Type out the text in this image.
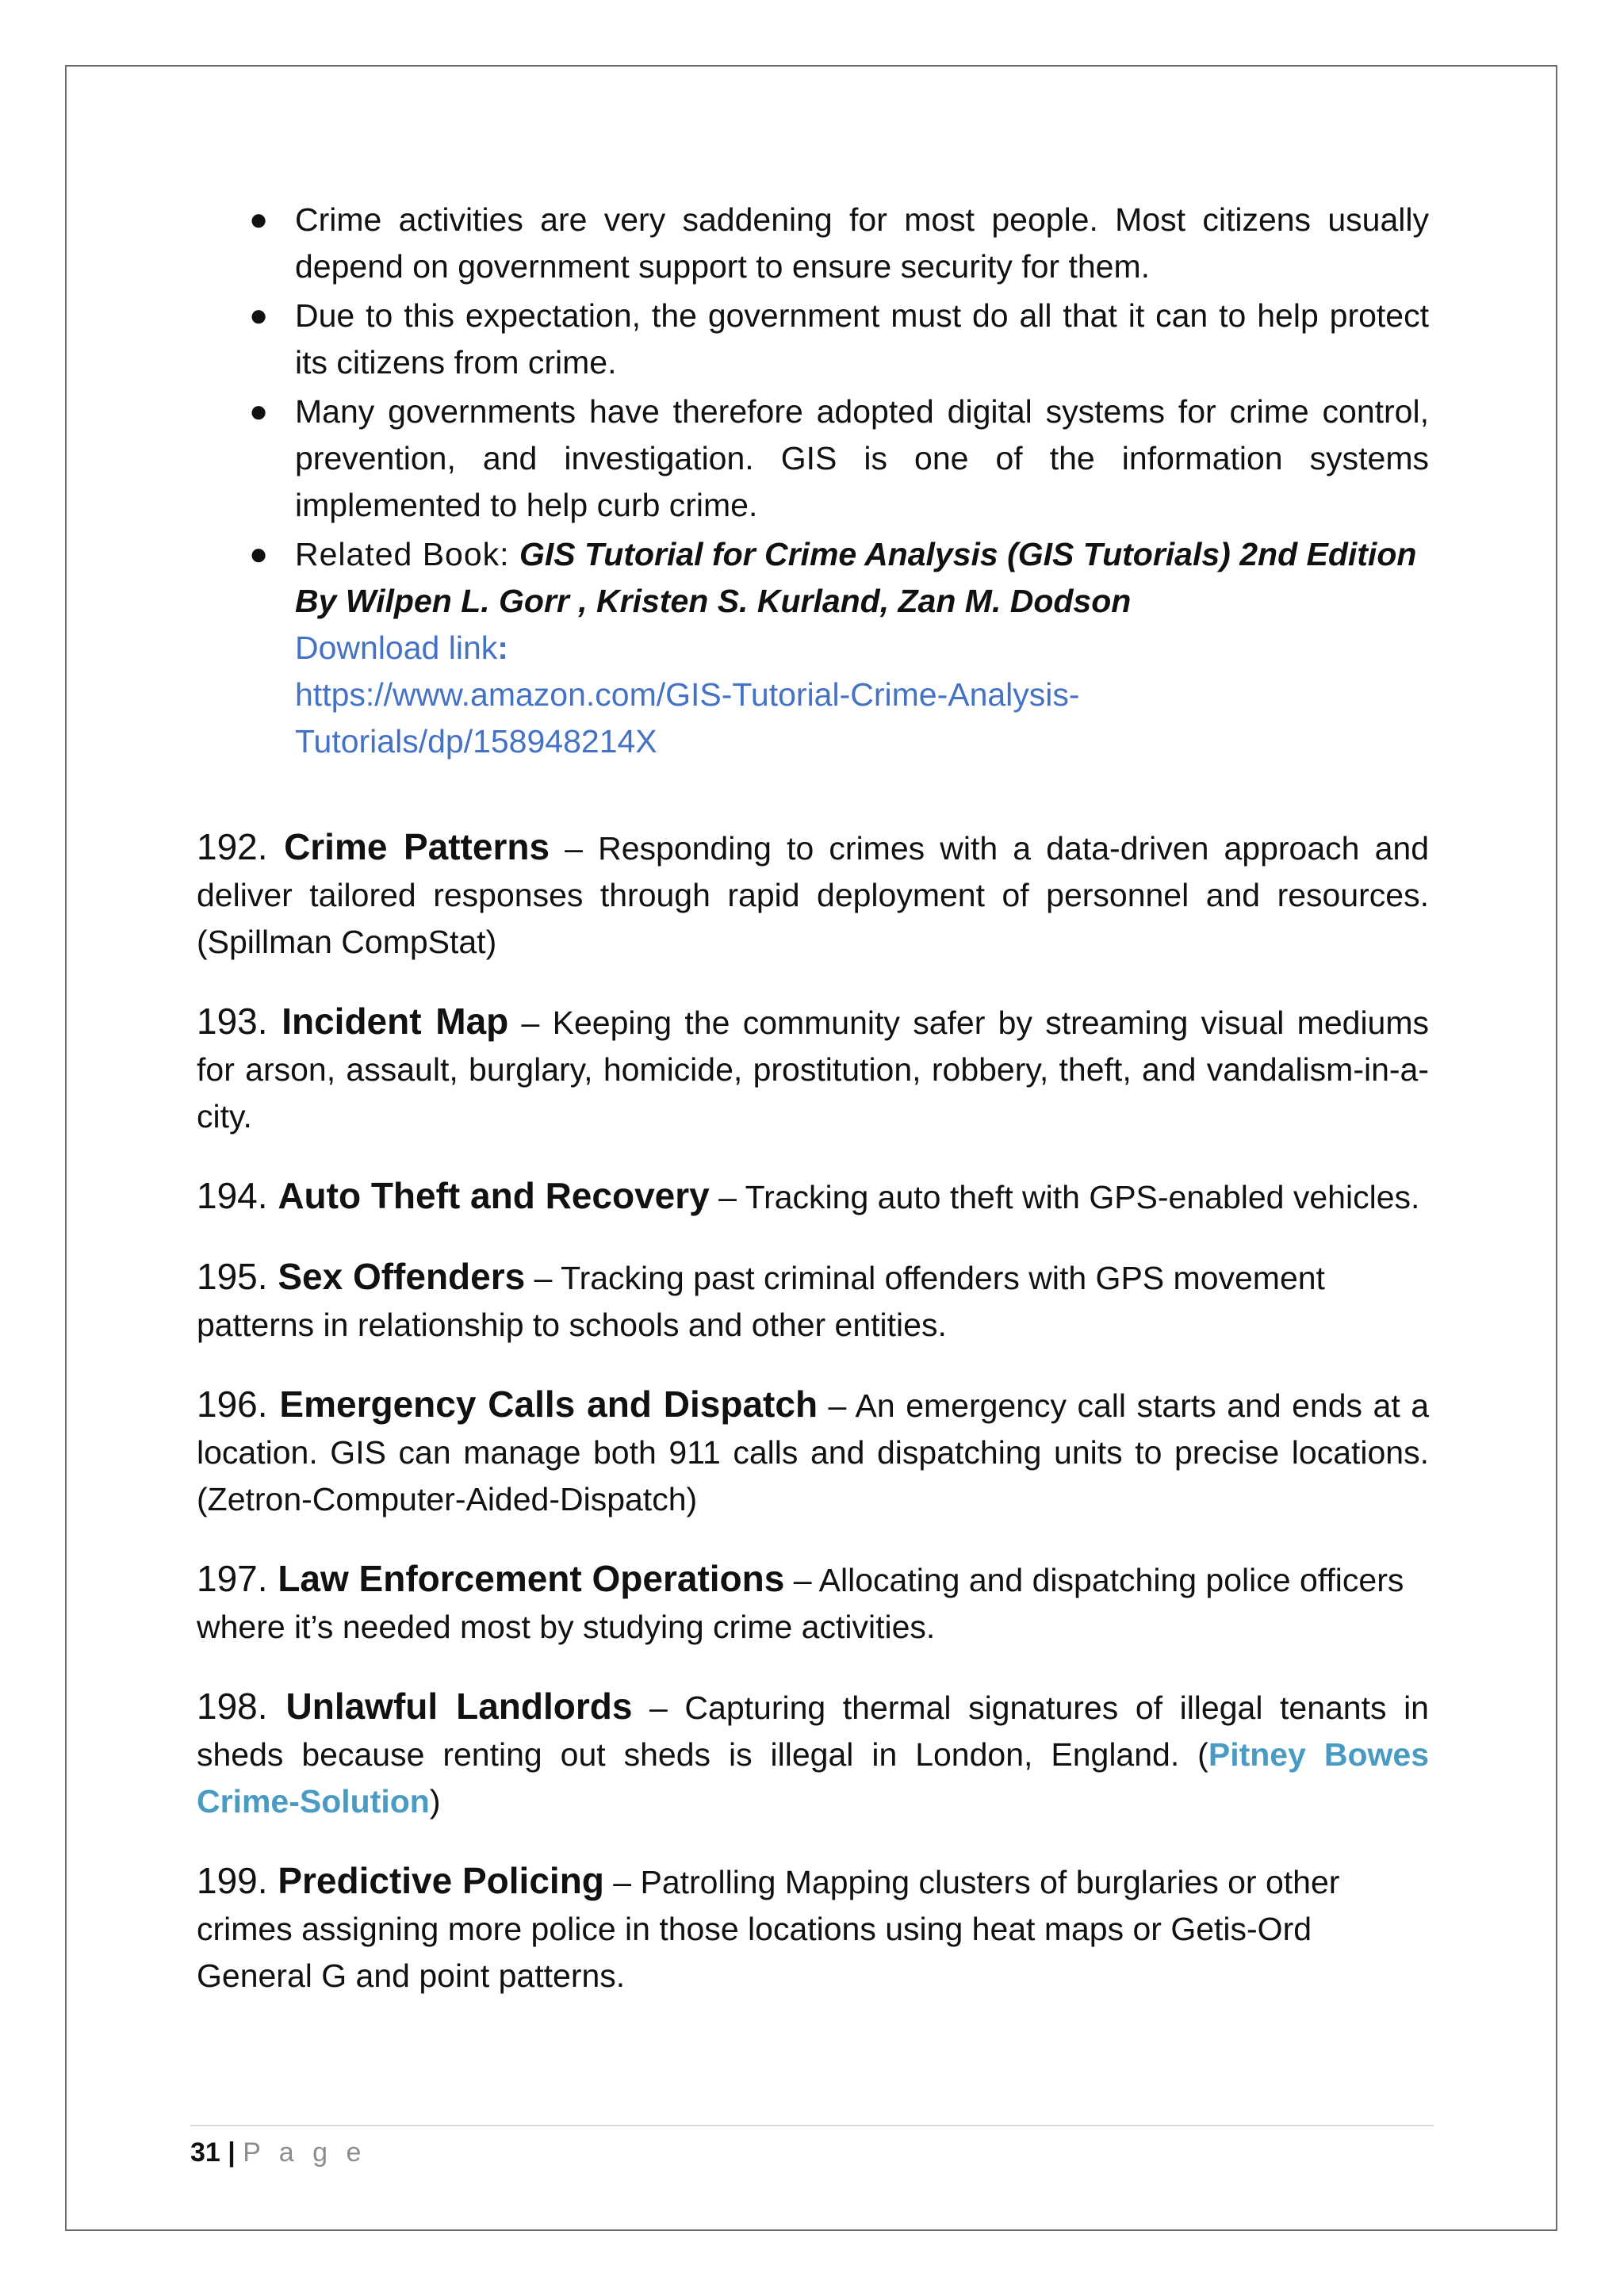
● Crime activities are very saddening for most people. Most citizens usually depend on government support to ensure security for them.
● Due to this expectation, the government must do all that it can to help protect its citizens from crime.
● Many governments have therefore adopted digital systems for crime control, prevention, and investigation. GIS is one of the information systems implemented to help curb crime.
● Related Book: GIS Tutorial for Crime Analysis (GIS Tutorials) 2nd Edition By Wilpen L. Gorr , Kristen S. Kurland, Zan M. Dodson
Download link:
https://www.amazon.com/GIS-Tutorial-Crime-Analysis-Tutorials/dp/158948214X

192. Crime Patterns – Responding to crimes with a data-driven approach and deliver tailored responses through rapid deployment of personnel and resources. (Spillman CompStat)

193. Incident Map – Keeping the community safer by streaming visual mediums for arson, assault, burglary, homicide, prostitution, robbery, theft, and vandalism-in-a-city.

194. Auto Theft and Recovery – Tracking auto theft with GPS-enabled vehicles.

195. Sex Offenders – Tracking past criminal offenders with GPS movement patterns in relationship to schools and other entities.

196. Emergency Calls and Dispatch – An emergency call starts and ends at a location. GIS can manage both 911 calls and dispatching units to precise locations.(Zetron-Computer-Aided-Dispatch)

197. Law Enforcement Operations – Allocating and dispatching police officers where it’s needed most by studying crime activities.

198. Unlawful Landlords – Capturing thermal signatures of illegal tenants in sheds because renting out sheds is illegal in London, England. (Pitney Bowes Crime-Solution)

199. Predictive Policing – Patrolling Mapping clusters of burglaries or other crimes assigning more police in those locations using heat maps or Getis-Ord General G and point patterns.

31 | P a g e
